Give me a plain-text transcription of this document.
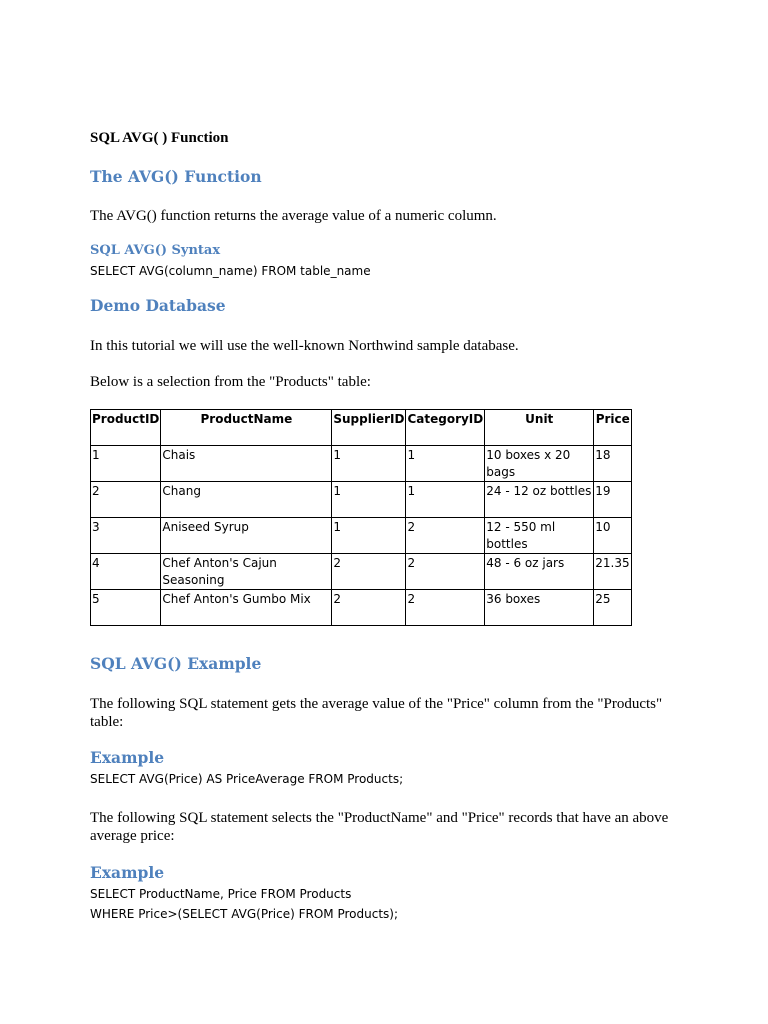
SQL AVG( ) Function
The AVG() Function
The AVG() function returns the average value of a numeric column.
SQL AVG() Syntax
SELECT AVG(column_name) FROM table_name
Demo Database
In this tutorial we will use the well-known Northwind sample database.
Below is a selection from the "Products" table:
ProductID	ProductName	SupplierID	CategoryID	Unit	Price
1	Chais	1	1	10 boxes x 20 bags	18
2	Chang	1	1	24 - 12 oz bottles	19
3	Aniseed Syrup	1	2	12 - 550 ml bottles	10
4	Chef Anton's Cajun Seasoning	2	2	48 - 6 oz jars	21.35
5	Chef Anton's Gumbo Mix	2	2	36 boxes	25
SQL AVG() Example
The following SQL statement gets the average value of the "Price" column from the "Products" table:
Example
SELECT AVG(Price) AS PriceAverage FROM Products;
The following SQL statement selects the "ProductName" and "Price" records that have an above average price:
Example
SELECT ProductName, Price FROM Products
WHERE Price>(SELECT AVG(Price) FROM Products);
